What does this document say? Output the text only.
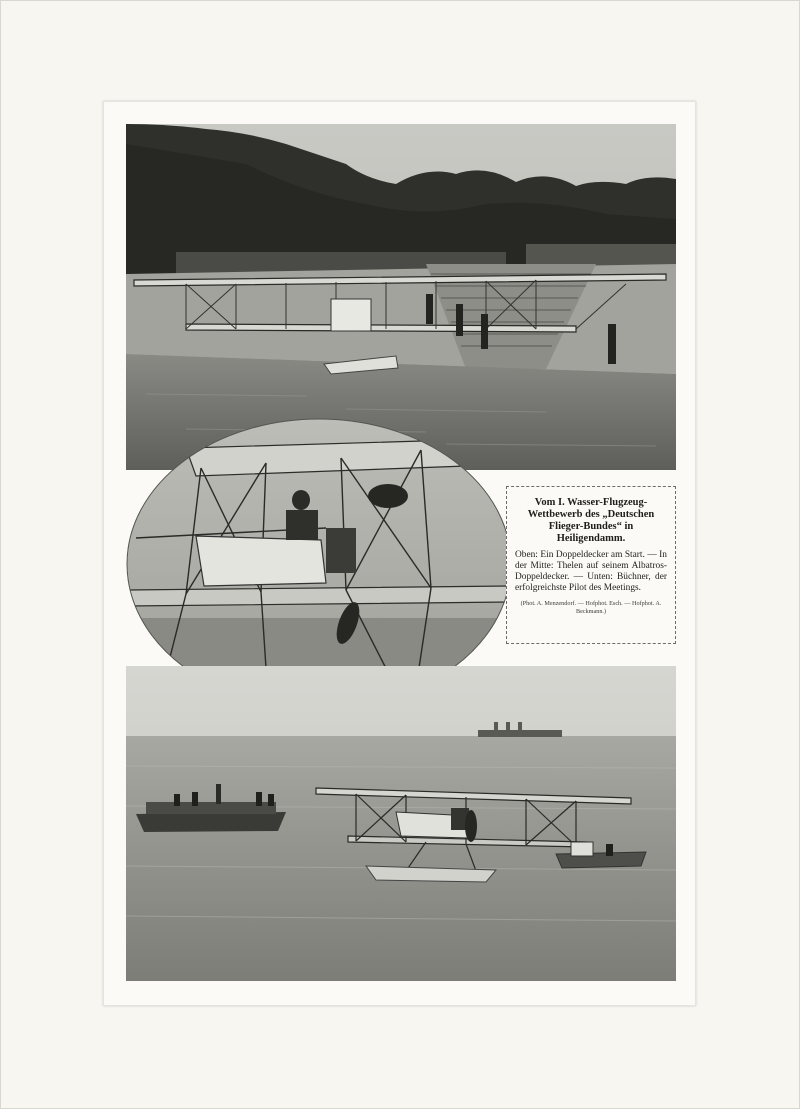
Vom I. Wasser-Flugzeug-Wettbewerb des „Deutschen Flieger-Bundes“ in Heiligendamm.

Oben: Ein Doppeldecker am Start. — In der Mitte: Thelen auf seinem Albatros-Doppeldecker. — Unten: Büchner, der erfolgreichste Pilot des Meetings.

(Phot. A. Menzendorf. — Hofphot. Esch. — Hofphot. A. Beckmann.)
